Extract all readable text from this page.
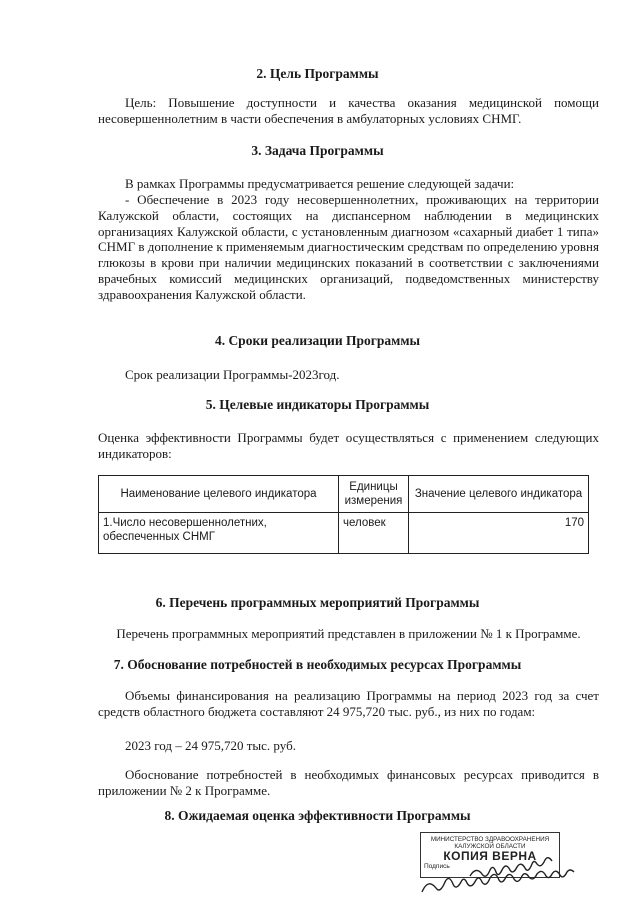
2. Цель Программы

Цель: Повышение доступности и качества оказания медицинской помощи несовершеннолетним в части обеспечения в амбулаторных условиях СНМГ.

3. Задача Программы

В рамках Программы предусматривается решение следующей задачи:

- Обеспечение в 2023 году несовершеннолетних, проживающих на территории Калужской области, состоящих на диспансерном наблюдении в медицинских организациях Калужской области, с установленным диагнозом «сахарный диабет 1 типа» СНМГ в дополнение к применяемым диагностическим средствам по определению уровня глюкозы в крови при наличии медицинских показаний в соответствии с заключениями врачебных комиссий медицинских организаций, подведомственных министерству здравоохранения Калужской области.

4. Сроки реализации Программы

Срок реализации Программы-2023год.

5. Целевые индикаторы Программы

Оценка эффективности Программы будет осуществляться с применением следующих индикаторов:

Наименование целевого индикатора	Единицы измерения	Значение целевого индикатора
1.Число несовершеннолетних, обеспеченных СНМГ	человек	170
6. Перечень программных мероприятий Программы

Перечень программных мероприятий представлен в приложении № 1 к Программе.

7. Обоснование потребностей в необходимых ресурсах Программы

Объемы финансирования на реализацию Программы на период 2023 год за счет средств областного бюджета составляют 24 975,720 тыс. руб., из них по годам:

2023 год – 24 975,720 тыс. руб.

Обоснование потребностей в необходимых финансовых ресурсах приводится в приложении № 2 к Программе.

8. Ожидаемая оценка эффективности Программы
МИНИСТЕРСТВО ЗДРАВООХРАНЕНИЯ
КАЛУЖСКОЙ ОБЛАСТИ
КОПИЯ ВЕРНА
Подпись
